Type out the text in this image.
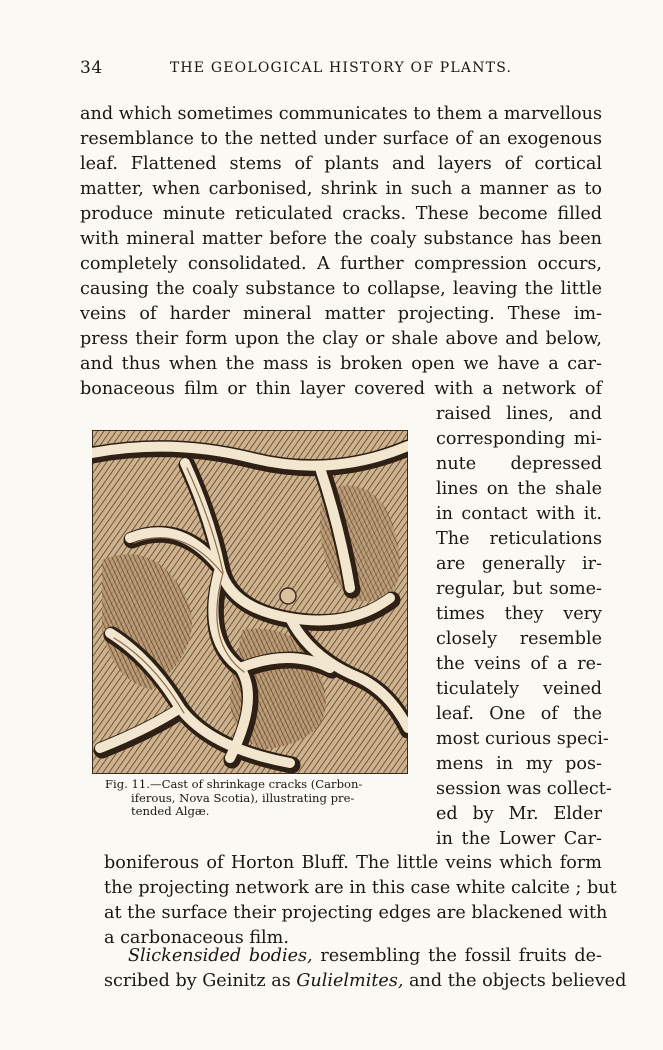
34	THE GEOLOGICAL HISTORY OF PLANTS.
and which sometimes communicates to them a marvellous
resemblance to the netted under surface of an exogenous
leaf. Flattened stems of plants and layers of cortical
matter, when carbonised, shrink in such a manner as to
produce minute reticulated cracks. These become filled
with mineral matter before the coaly substance has been
completely consolidated. A further compression occurs,
causing the coaly substance to collapse, leaving the little
veins of harder mineral matter projecting. These im-
press their form upon the clay or shale above and below,
and thus when the mass is broken open we have a car-
bonaceous film or thin layer covered with a network of
raised lines, and
corresponding mi-
nute depressed
lines on the shale
in contact with it.
The reticulations
are generally ir-
regular, but some-
times they very
closely resemble
the veins of a re-
ticulately veined
leaf. One of the
most curious speci-
mens in my pos-
session was collect-
ed by Mr. Elder
in the Lower Car-
Fig. 11.—Cast of shrinkage cracks (Carbon-
iferous, Nova Scotia), illustrating pre-
tended Algæ.
boniferous of Horton Bluff. The little veins which form
the projecting network are in this case white calcite ; but
at the surface their projecting edges are blackened with
a carbonaceous film.
Slickensided bodies, resembling the fossil fruits de-
scribed by Geinitz as Gulielmites, and the objects believed
